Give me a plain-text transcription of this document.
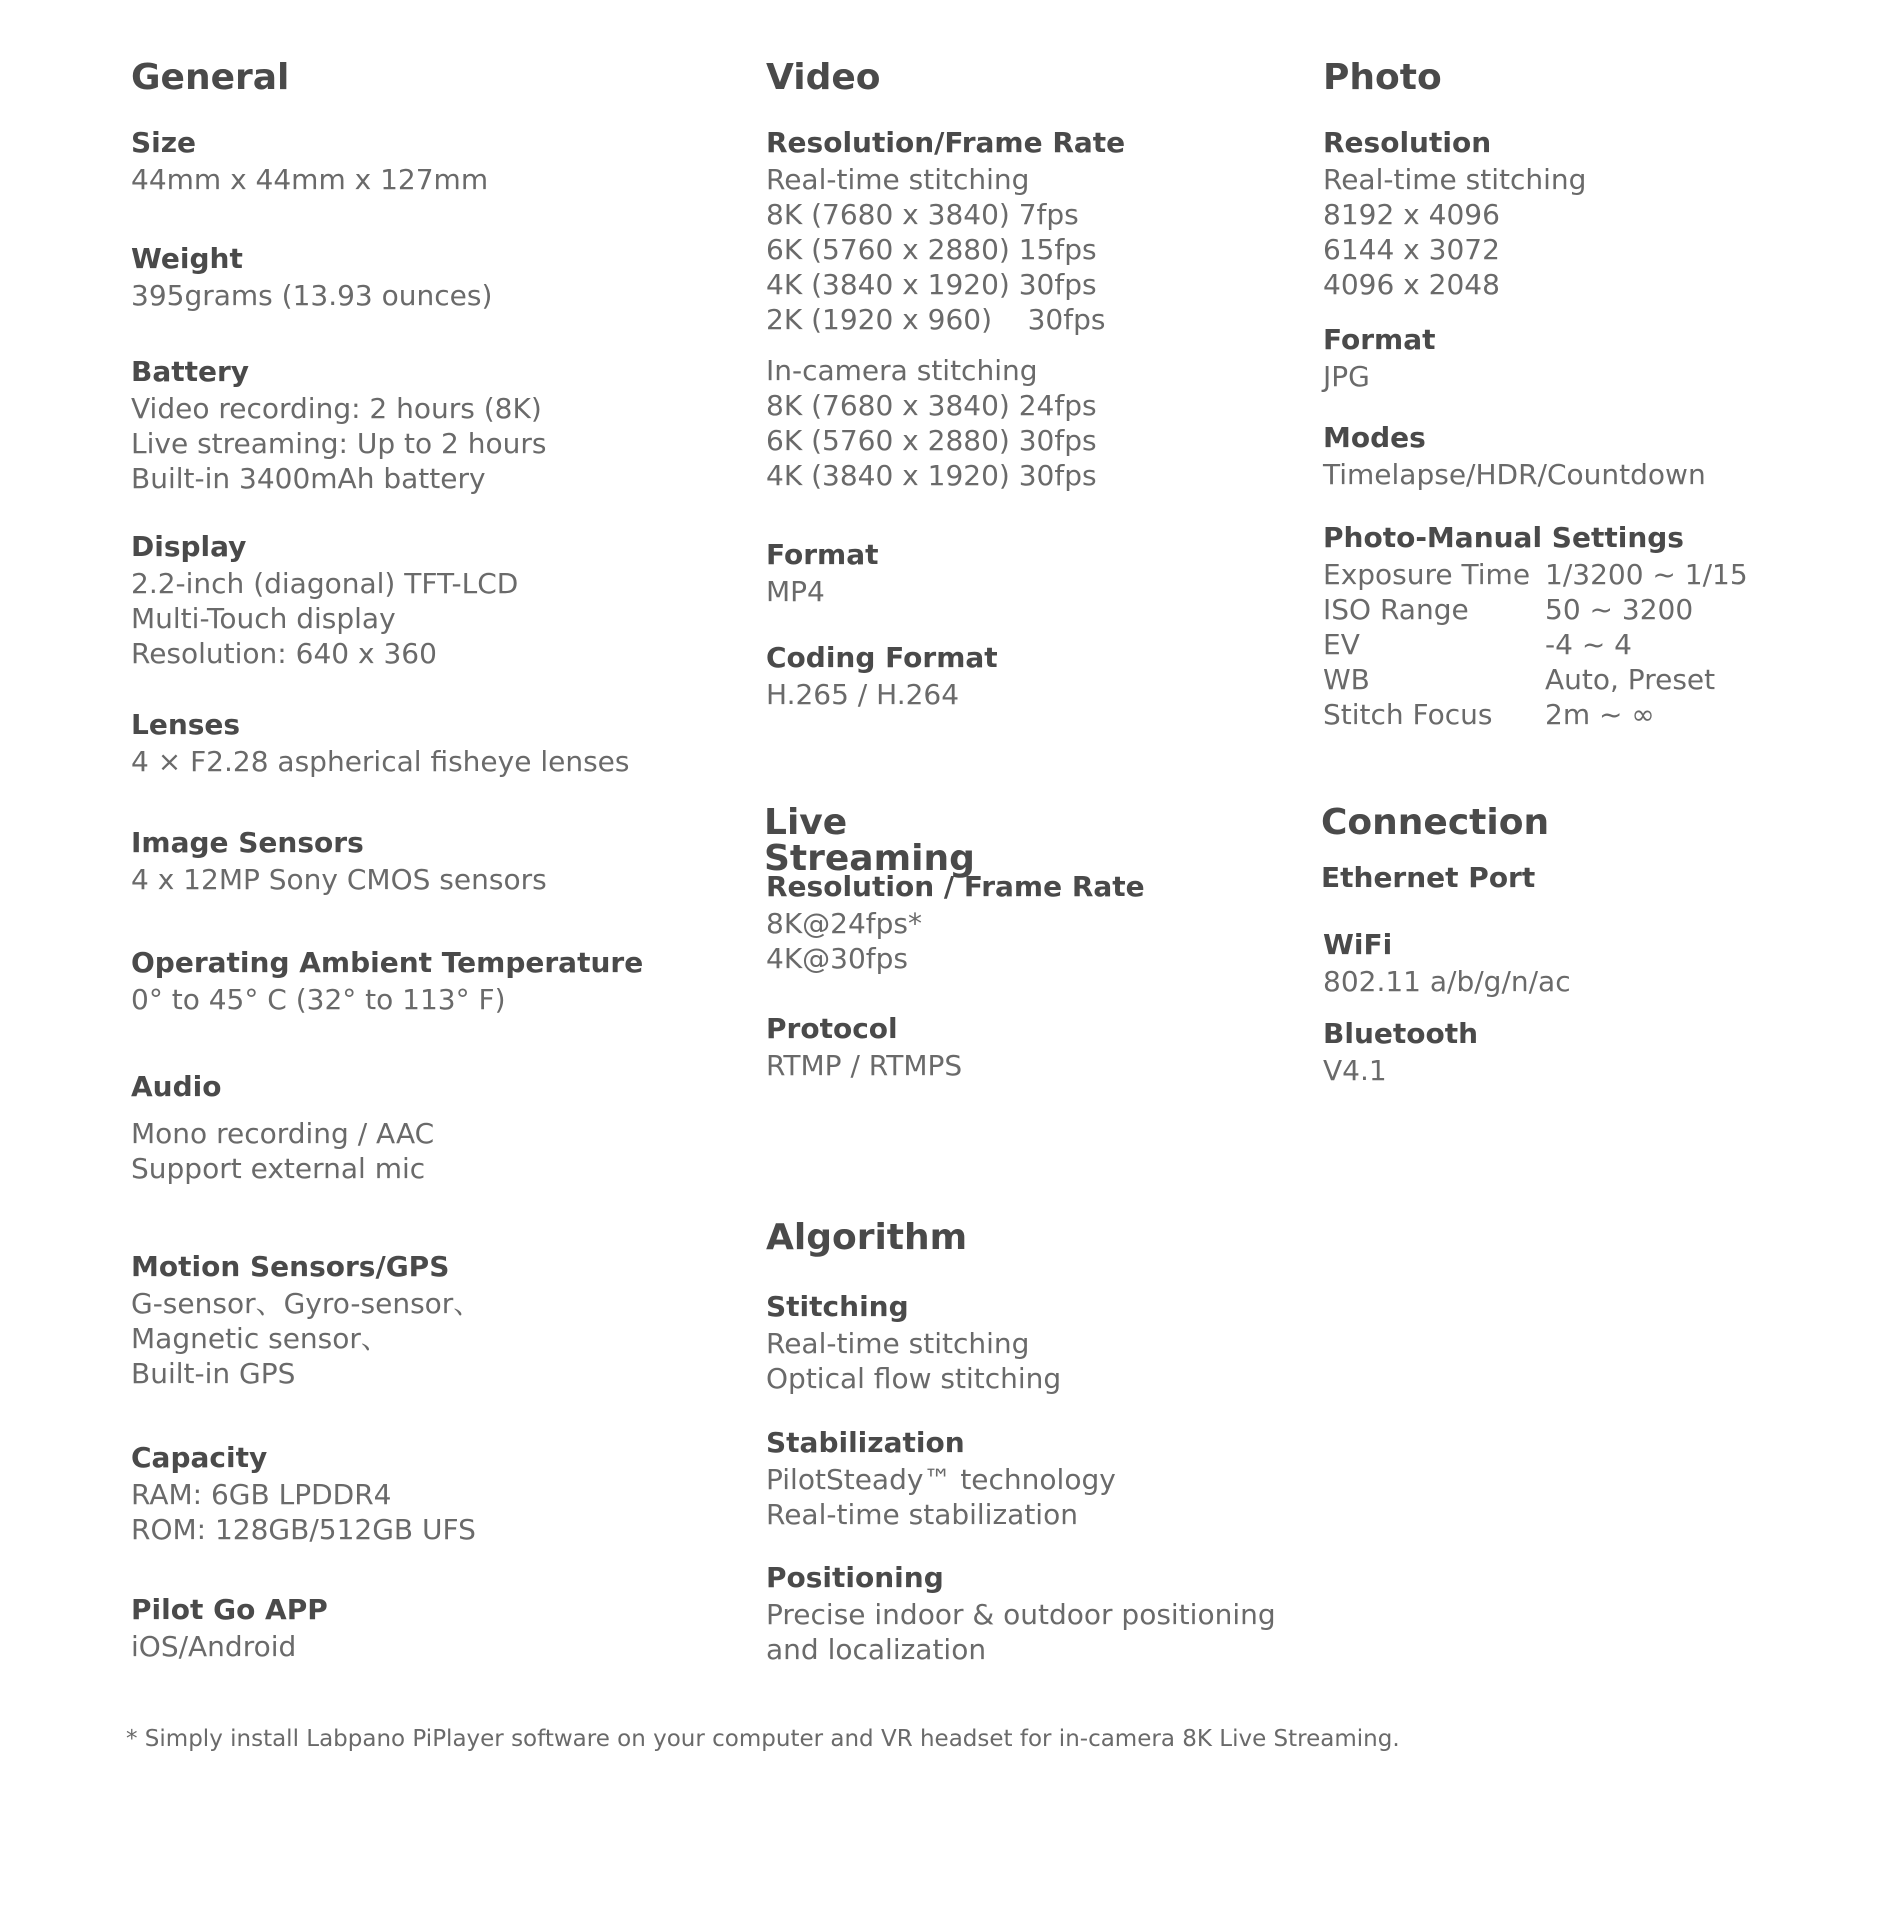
General
Size
44mm x 44mm x 127mm
Weight
395grams (13.93 ounces)
Battery
Video recording: 2 hours (8K)
Live streaming: Up to 2 hours
Built-in 3400mAh battery
Display
2.2-inch (diagonal) TFT-LCD
Multi-Touch display
Resolution: 640 x 360
Lenses
4 × F2.28 aspherical fisheye lenses
Image Sensors
4 x 12MP Sony CMOS sensors
Operating Ambient Temperature
0° to 45° C (32° to 113° F)
Audio
Mono recording / AAC
Support external mic
Motion Sensors/GPS
G-sensor、Gyro-sensor、
Magnetic sensor、
Built-in GPS
Capacity
RAM: 6GB LPDDR4
ROM: 128GB/512GB UFS
Pilot Go APP
iOS/Android
Video
Resolution/Frame Rate
Real-time stitching
8K (7680 x 3840) 7fps
6K (5760 x 2880) 15fps
4K (3840 x 1920) 30fps
2K (1920 x 960)    30fps
In-camera stitching
8K (7680 x 3840) 24fps
6K (5760 x 2880) 30fps
4K (3840 x 1920) 30fps
Format
MP4
Coding Format
H.265 / H.264
Live Streaming
Resolution / Frame Rate
8K@24fps*
4K@30fps
Protocol
RTMP / RTMPS
Algorithm
Stitching
Real-time stitching
Optical flow stitching
Stabilization
PilotSteady™ technology
Real-time stabilization
Positioning
Precise indoor & outdoor positioning
and localization
Photo
Resolution
Real-time stitching
8192 x 4096
6144 x 3072
4096 x 2048
Format
JPG
Modes
Timelapse/HDR/Countdown
Photo-Manual Settings
Exposure Time 1/3200 ~ 1/15
ISO Range	50 ~ 3200
EV	-4 ~ 4
WB	Auto, Preset
Stitch Focus	2m ~ ∞
Connection
Ethernet Port
WiFi
802.11 a/b/g/n/ac
Bluetooth
V4.1
* Simply install Labpano PiPlayer software on your computer and VR headset for in-camera 8K Live Streaming.
